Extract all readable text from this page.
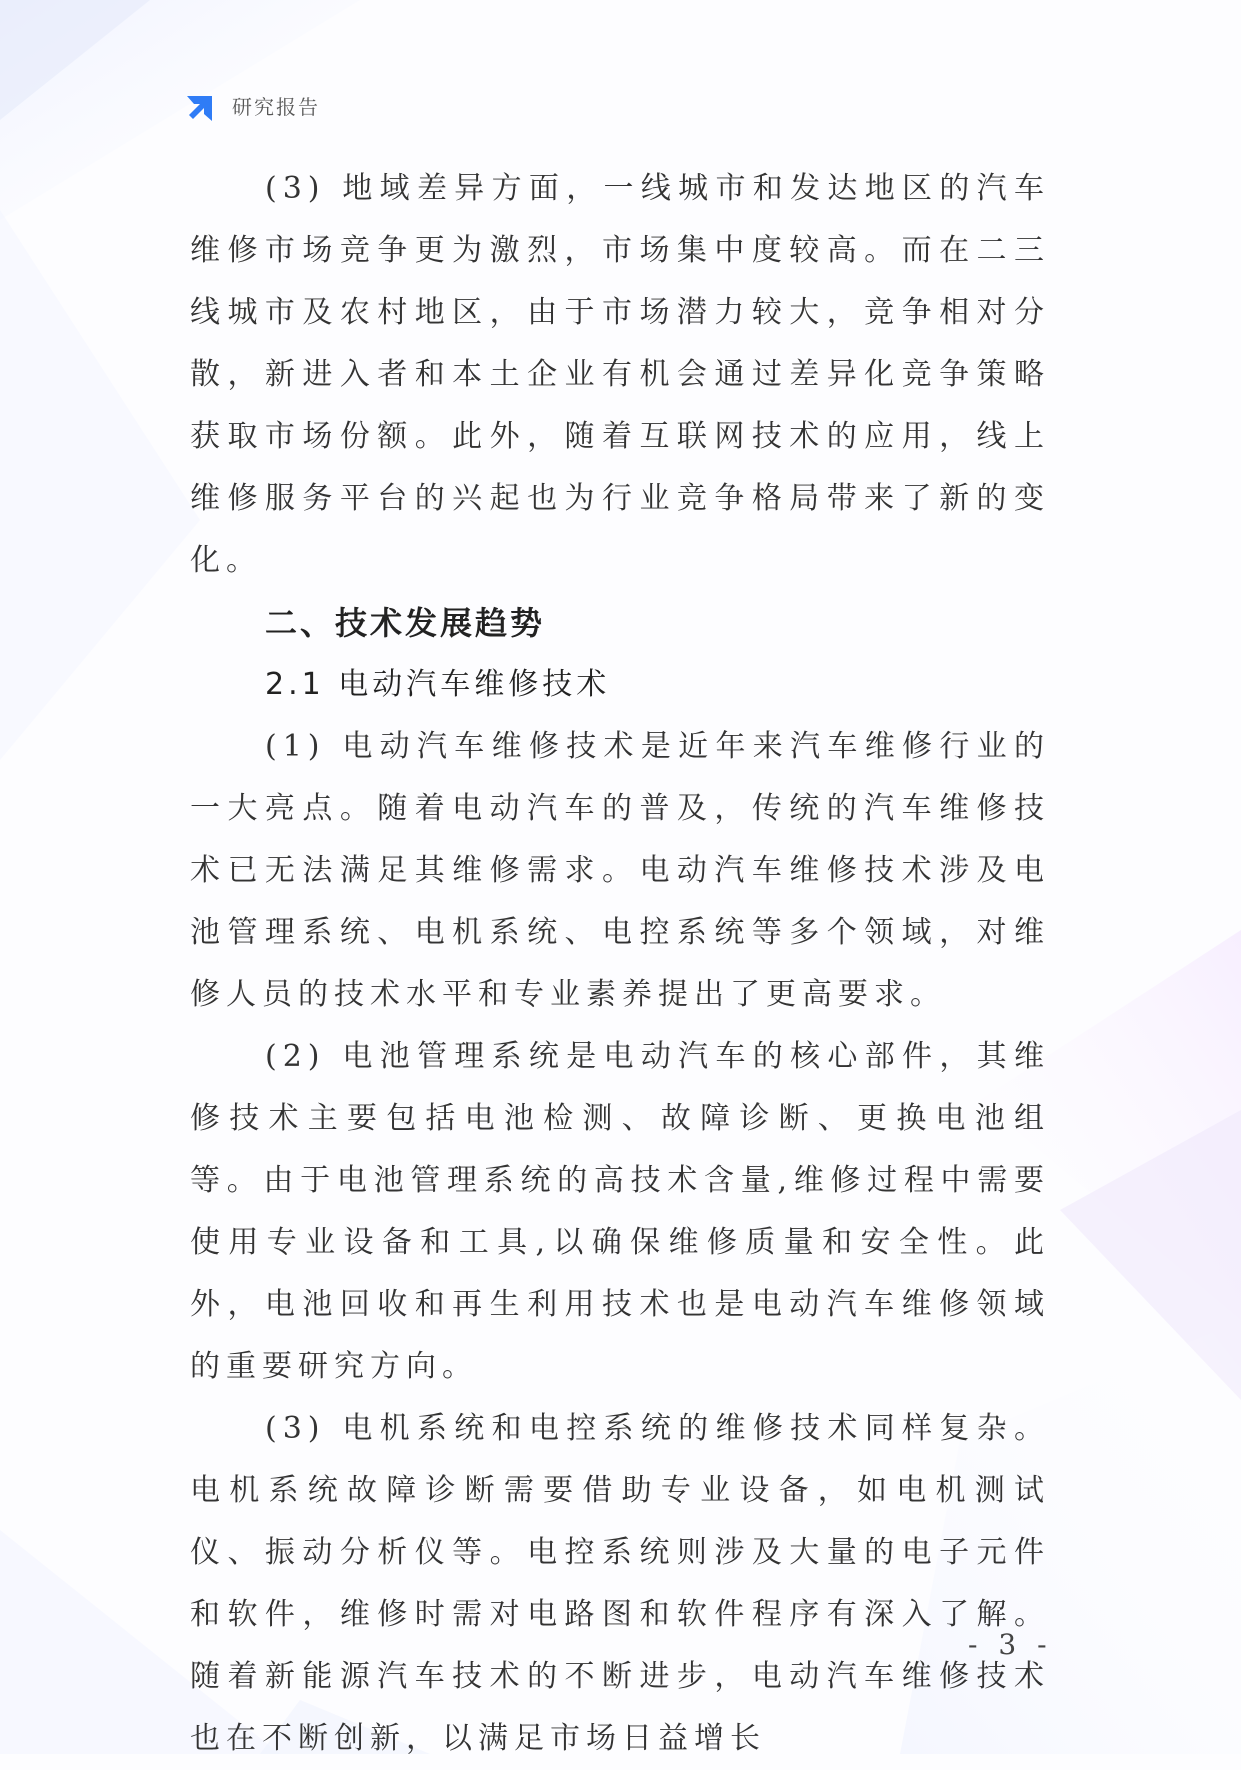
研究报告

(3) 地域差异方面，一线城市和发达地区的汽车维修市场竞争更为激烈，市场集中度较高。而在二三线城市及农村地区，由于市场潜力较大，竞争相对分散，新进入者和本土企业有机会通过差异化竞争策略获取市场份额。此外，随着互联网技术的应用，线上维修服务平台的兴起也为行业竞争格局带来了新的变化。

二、技术发展趋势

2.1 电动汽车维修技术

(1) 电动汽车维修技术是近年来汽车维修行业的一大亮点。随着电动汽车的普及，传统的汽车维修技术已无法满足其维修需求。电动汽车维修技术涉及电池管理系统、电机系统、电控系统等多个领域，对维修人员的技术水平和专业素养提出了更高要求。

(2) 电池管理系统是电动汽车的核心部件，其维修技术主要包括电池检测、故障诊断、更换电池组等。由于电池管理系统的高技术含量,维修过程中需要使用专业设备和工具,以确保维修质量和安全性。此外，电池回收和再生利用技术也是电动汽车维修领域的重要研究方向。

(3) 电机系统和电控系统的维修技术同样复杂。电机系统故障诊断需要借助专业设备，如电机测试仪、振动分析仪等。电控系统则涉及大量的电子元件和软件，维修时需对电路图和软件程序有深入了解。随着新能源汽车技术的不断进步，电动汽车维修技术也在不断创新，以满足市场日益增长

- 3 -
